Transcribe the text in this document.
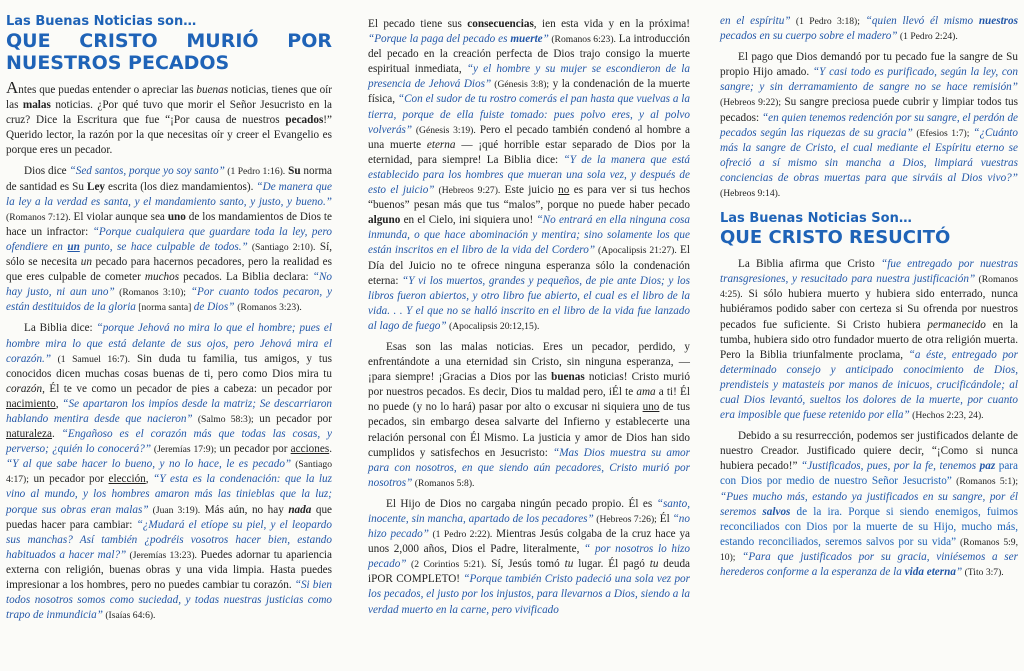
Las Buenas Noticias son…
QUE CRISTO MURIÓ POR NUESTROS PECADOS

Antes que puedas entender o apreciar las buenas noticias, tienes que oír las malas noticias. ¿Por qué tuvo que morir el Señor Jesucristo en la cruz? Dice la Escritura que fue “¡Por causa de nuestros pecados!” Querido lector, la razón por la que necesitas oír y creer el Evangelio es porque eres un pecador.

Dios dice “Sed santos, porque yo soy santo” (1 Pedro 1:16). Su norma de santidad es Su Ley escrita (los diez mandamientos). “De manera que la ley a la verdad es santa, y el mandamiento santo, y justo, y bueno.” (Romanos 7:12). El violar aunque sea uno de los mandamientos de Dios te hace un infractor: “Porque cualquiera que guardare toda la ley, pero ofendiere en un punto, se hace culpable de todos.” (Santiago 2:10). Sí, sólo se necesita un pecado para hacernos pecadores, pero la realidad es que eres culpable de cometer muchos pecados. La Biblia declara: “No hay justo, ni aun uno” (Romanos 3:10); “Por cuanto todos pecaron, y están destituidos de la gloria [norma santa] de Dios” (Romanos 3:23).

La Biblia dice: “porque Jehová no mira lo que el hombre; pues el hombre mira lo que está delante de sus ojos, pero Jehová mira el corazón.” (1 Samuel 16:7). Sin duda tu familia, tus amigos, y tus conocidos dicen muchas cosas buenas de ti, pero como Dios mira tu corazón, Él te ve como un pecador de pies a cabeza: un pecador por nacimiento, “Se apartaron los impíos desde la matriz; Se descarriaron hablando mentira desde que nacieron” (Salmo 58:3); un pecador por naturaleza. “Engañoso es el corazón más que todas las cosas, y perverso; ¿quién lo conocerá?” (Jeremías 17:9); un pecador por acciones. “Y al que sabe hacer lo bueno, y no lo hace, le es pecado” (Santiago 4:17); un pecador por elección, “Y esta es la condenación: que la luz vino al mundo, y los hombres amaron más las tinieblas que la luz; porque sus obras eran malas” (Juan 3:19). Más aún, no hay nada que puedas hacer para cambiar: “¿Mudará el etíope su piel, y el leopardo sus manchas? Así también ¿podréis vosotros hacer bien, estando habituados a hacer mal?” (Jeremías 13:23). Puedes adornar tu apariencia externa con religión, buenas obras y una vida limpia. Hasta puedes impresionar a los hombres, pero no puedes cambiar tu corazón. “Si bien todos nosotros somos como suciedad, y todas nuestras justicias como trapo de inmundicia” (Isaías 64:6).

El pecado tiene sus consecuencias, ien esta vida y en la próxima! “Porque la paga del pecado es muerte” (Romanos 6:23). La introducción del pecado en la creación perfecta de Dios trajo consigo la muerte espiritual inmediata, “y el hombre y su mujer se escondieron de la presencia de Jehová Dios” (Génesis 3:8); y la condenación de la muerte física, “Con el sudor de tu rostro comerás el pan hasta que vuelvas a la tierra, porque de ella fuiste tomado: pues polvo eres, y al polvo volverás” (Génesis 3:19). Pero el pecado también condenó al hombre a una muerte eterna — ¡qué horrible estar separado de Dios por la eternidad, para siempre! La Biblia dice: “Y de la manera que está establecido para los hombres que mueran una sola vez, y después de esto el juicio” (Hebreos 9:27). Este juicio no es para ver si tus hechos “buenos” pesan más que tus “malos”, porque no puede haber pecado alguno en el Cielo, ini siquiera uno! “No entrará en ella ninguna cosa inmunda, o que hace abominación y mentira; sino solamente los que están inscritos en el libro de la vida del Cordero” (Apocalipsis 21:27). El Día del Juicio no te ofrece ninguna esperanza sólo la condenación eterna: “Y vi los muertos, grandes y pequeños, de pie ante Dios; y los libros fueron abiertos, y otro libro fue abierto, el cual es el libro de la vida. . . Y el que no se halló inscrito en el libro de la vida fue lanzado al lago de fuego” (Apocalipsis 20:12,15).

Esas son las malas noticias. Eres un pecador, perdido, y enfrentándote a una eternidad sin Cristo, sin ninguna esperanza, — ¡para siempre! ¡Gracias a Dios por las buenas noticias! Cristo murió por nuestros pecados. Es decir, Dios tu maldad pero, iÉl te ama a ti! Él no puede (y no lo hará) pasar por alto o excusar ni siquiera uno de tus pecados, sin embargo desea salvarte del Infierno y establecerte una relación personal con Él Mismo. La justicia y amor de Dios han sido cumplidos y satisfechos en Jesucristo: “Mas Dios muestra su amor para con nosotros, en que siendo aún pecadores, Cristo murió por nosotros” (Romanos 5:8).

El Hijo de Dios no cargaba ningún pecado propio. Él es “santo, inocente, sin mancha, apartado de los pecadores” (Hebreos 7:26); Él “no hizo pecado” (1 Pedro 2:22). Mientras Jesús colgaba de la cruz hace ya unos 2,000 años, Dios el Padre, literalmente, “ por nosotros lo hizo pecado” (2 Corintios 5:21). Sí, Jesús tomó tu lugar. Él pagó tu deuda iPOR COMPLETO! “Porque también Cristo padeció una sola vez por los pecados, el justo por los injustos, para llevarnos a Dios, siendo a la verdad muerto en la carne, pero vivificado

en el espíritu” (1 Pedro 3:18); “quien llevó él mismo nuestros pecados en su cuerpo sobre el madero” (1 Pedro 2:24).

El pago que Dios demandó por tu pecado fue la sangre de Su propio Hijo amado. “Y casi todo es purificado, según la ley, con sangre; y sin derramamiento de sangre no se hace remisión” (Hebreos 9:22); Su sangre preciosa puede cubrir y limpiar todos tus pecados: “en quien tenemos redención por su sangre, el perdón de pecados según las riquezas de su gracia” (Efesios 1:7); “¿Cuánto más la sangre de Cristo, el cual mediante el Espíritu eterno se ofreció a sí mismo sin mancha a Dios, limpiará vuestras conciencias de obras muertas para que sirváis al Dios vivo?” (Hebreos 9:14).

Las Buenas Noticias Son…
QUE CRISTO RESUCITÓ

La Biblia afirma que Cristo “fue entregado por nuestras transgresiones, y resucitado para nuestra justificación” (Romanos 4:25). Si sólo hubiera muerto y hubiera sido enterrado, nunca hubiéramos podido saber con certeza si Su ofrenda por nuestros pecados fue suficiente. Si Cristo hubiera permanecido en la tumba, hubiera sido otro fundador muerto de otra religión muerta. Pero la Biblia triunfalmente proclama, “a éste, entregado por determinado consejo y anticipado conocimiento de Dios, prendisteis y matasteis por manos de inicuos, crucificándole; al cual Dios levantó, sueltos los dolores de la muerte, por cuanto era imposible que fuese retenido por ella” (Hechos 2:23, 24).

Debido a su resurrección, podemos ser justificados delante de nuestro Creador. Justificado quiere decir, “¡Como si nunca hubiera pecado!” “Justificados, pues, por la fe, tenemos paz para con Dios por medio de nuestro Señor Jesucristo” (Romanos 5:1); “Pues mucho más, estando ya justificados en su sangre, por él seremos salvos de la ira. Porque si siendo enemigos, fuimos reconciliados con Dios por la muerte de su Hijo, mucho más, estando reconciliados, seremos salvos por su vida” (Romanos 5:9, 10); “Para que justificados por su gracia, viniésemos a ser herederos conforme a la esperanza de la vida eterna” (Tito 3:7).
